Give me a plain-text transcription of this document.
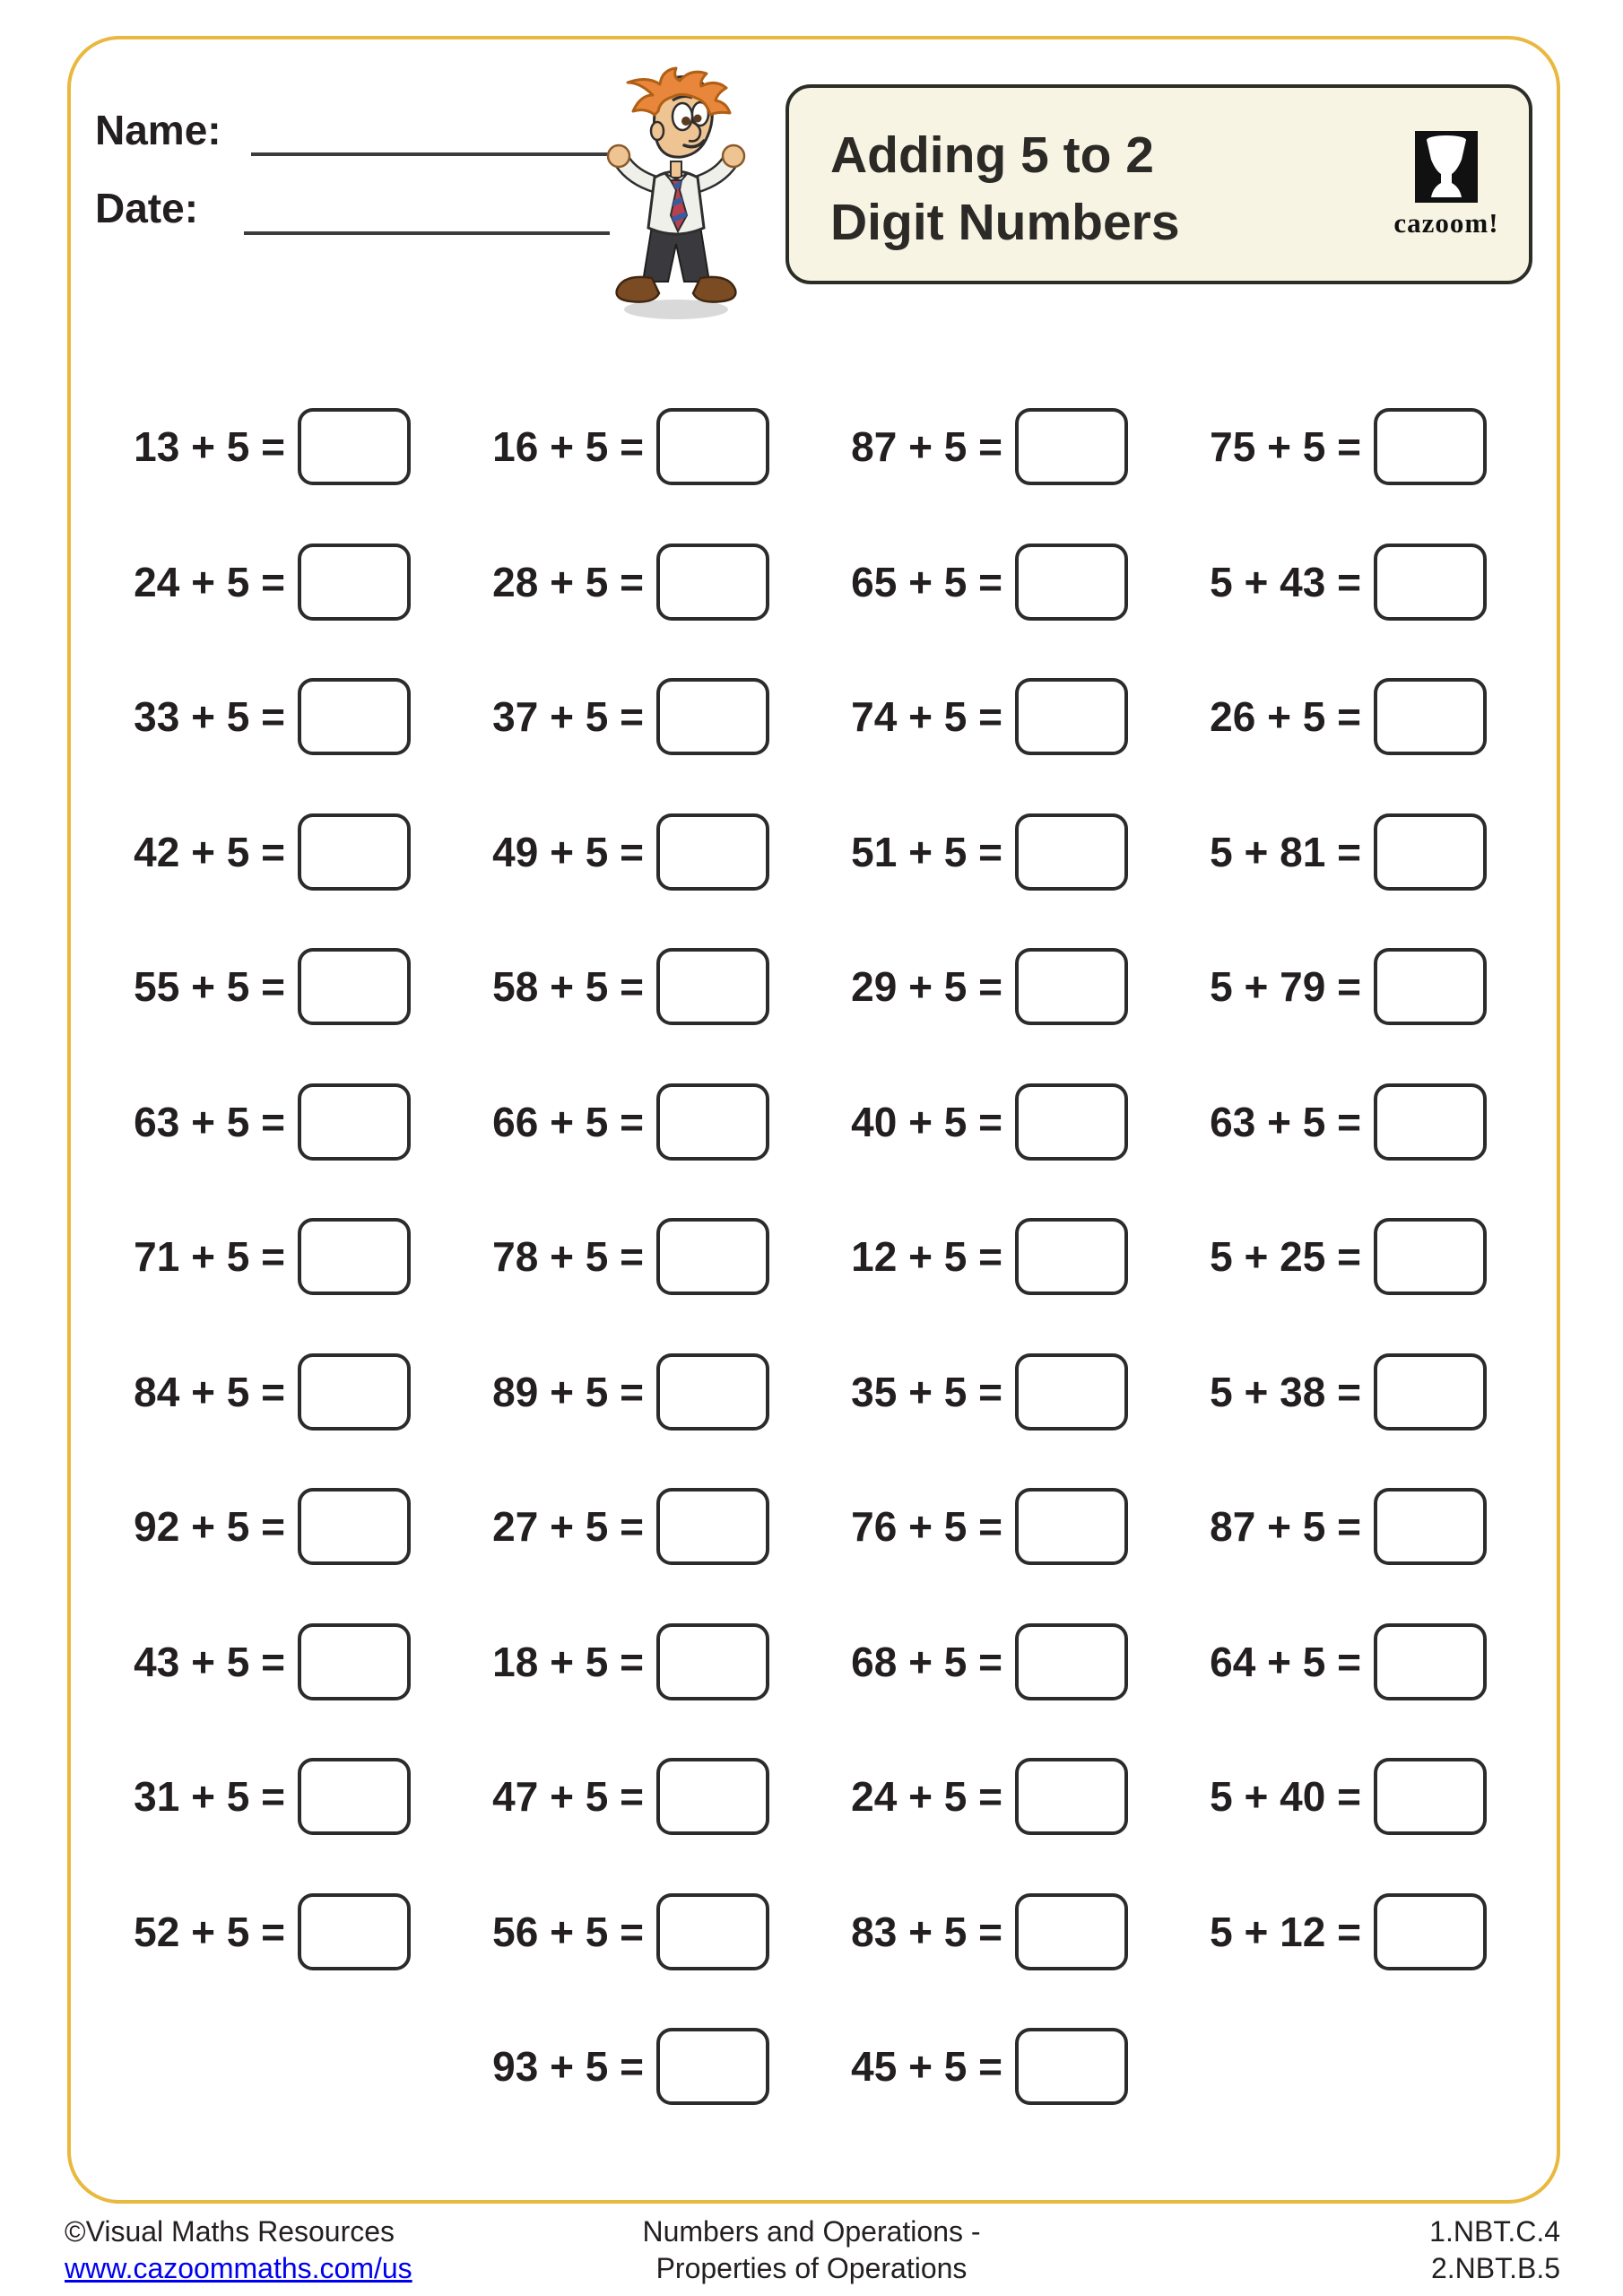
Name:
Date:
Adding 5 to 2
Digit Numbers	cazoom!
13 + 5 =	16 + 5 =	87 + 5 =	75 + 5 =
24 + 5 =	28 + 5 =	65 + 5 =	5 + 43 =
33 + 5 =	37 + 5 =	74 + 5 =	26 + 5 =
42 + 5 =	49 + 5 =	51 + 5 =	5 + 81 =
55 + 5 =	58 + 5 =	29 + 5 =	5 + 79 =
63 + 5 =	66 + 5 =	40 + 5 =	63 + 5 =
71 + 5 =	78 + 5 =	12 + 5 =	5 + 25 =
84 + 5 =	89 + 5 =	35 + 5 =	5 + 38 =
92 + 5 =	27 + 5 =	76 + 5 =	87 + 5 =
43 + 5 =	18 + 5 =	68 + 5 =	64 + 5 =
31 + 5 =	47 + 5 =	24 + 5 =	5 + 40 =
52 + 5 =	56 + 5 =	83 + 5 =	5 + 12 =
93 + 5 =	45 + 5 =
©Visual Maths Resources
www.cazoommaths.com/us
Numbers and Operations -
Properties of Operations
1.NBT.C.4
2.NBT.B.5
